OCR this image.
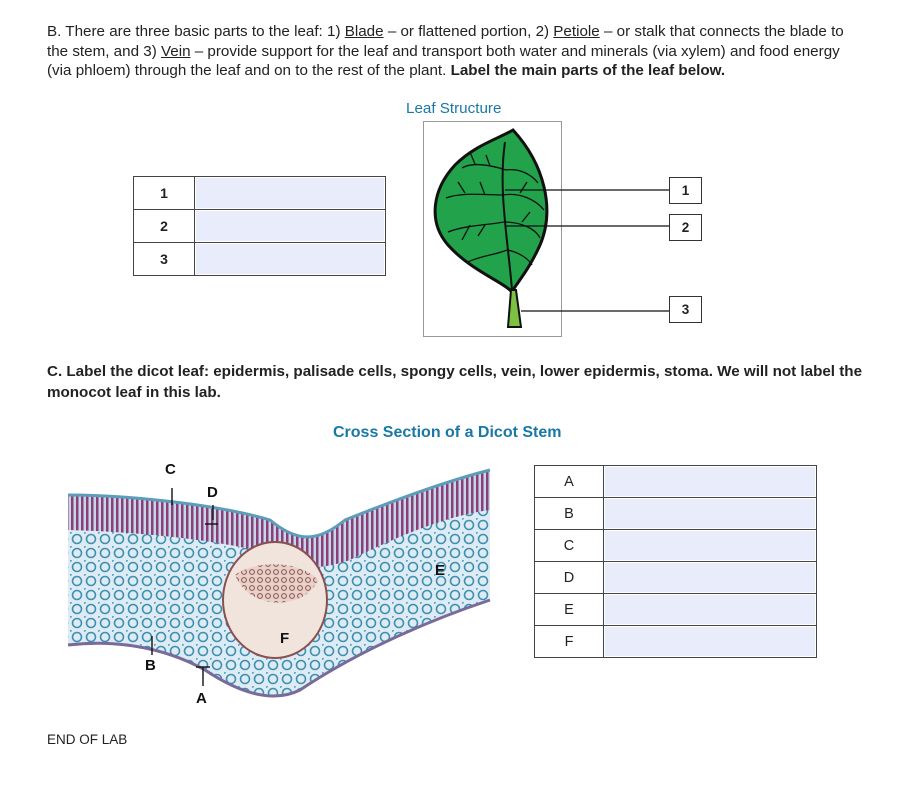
B. There are three basic parts to the leaf: 1) Blade – or flattened portion, 2) Petiole – or stalk that connects the blade to the stem, and 3) Vein – provide support for the leaf and transport both water and minerals (via xylem) and food energy (via phloem) through the leaf and on to the rest of the plant. Label the main parts of the leaf below.
Leaf Structure
1	

2	

3	
1
2
3
C. Label the dicot leaf: epidermis, palisade cells, spongy cells, vein, lower epidermis, stoma. We will not label the monocot leaf in this lab.
Cross Section of a Dicot Stem
C
D
E
F
B
A
A	

B	

C	

D	

E	

F	
END OF LAB
